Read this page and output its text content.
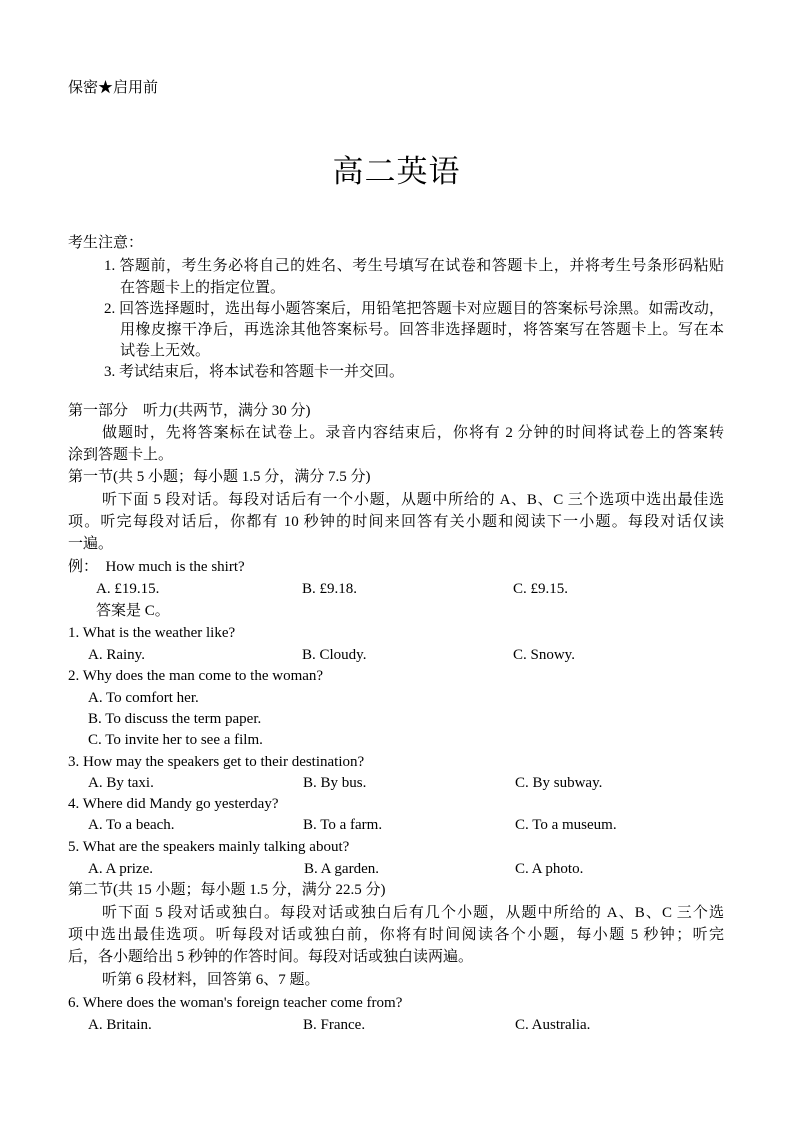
保密★启用前
高二英语
考生注意：
1. 答题前，考生务必将自己的姓名、考生号填写在试卷和答题卡上，并将考生号条形码粘贴
在答题卡上的指定位置。
2. 回答选择题时，选出每小题答案后，用铅笔把答题卡对应题目的答案标号涂黑。如需改动，
用橡皮擦干净后，再选涂其他答案标号。回答非选择题时，将答案写在答题卡上。写在本
试卷上无效。
3. 考试结束后，将本试卷和答题卡一并交回。
第一部分　听力(共两节，满分 30 分)
做题时，先将答案标在试卷上。录音内容结束后，你将有 2 分钟的时间将试卷上的答案转
涂到答题卡上。
第一节(共 5 小题；每小题 1.5 分，满分 7.5 分)
听下面 5 段对话。每段对话后有一个小题，从题中所给的 A、B、C 三个选项中选出最佳选
项。听完每段对话后，你都有 10 秒钟的时间来回答有关小题和阅读下一小题。每段对话仅读
一遍。
例：  How much is the shirt?
A. £19.15.	B. £9.18.	C. £9.15.
答案是 C。
1. What is the weather like?
A. Rainy.	B. Cloudy.	C. Snowy.
2. Why does the man come to the woman?
A. To comfort her.
B. To discuss the term paper.
C. To invite her to see a film.
3. How may the speakers get to their destination?
A. By taxi.	B. By bus.	C. By subway.
4. Where did Mandy go yesterday?
A. To a beach.	B. To a farm.	C. To a museum.
5. What are the speakers mainly talking about?
A. A prize.	B. A garden.	C. A photo.
第二节(共 15 小题；每小题 1.5 分，满分 22.5 分)
听下面 5 段对话或独白。每段对话或独白后有几个小题，从题中所给的 A、B、C 三个选
项中选出最佳选项。听每段对话或独白前，你将有时间阅读各个小题，每小题 5 秒钟；听完
后，各小题给出 5 秒钟的作答时间。每段对话或独白读两遍。
听第 6 段材料，回答第 6、7 题。
6. Where does the woman's foreign teacher come from?
A. Britain.	B. France.	C. Australia.
